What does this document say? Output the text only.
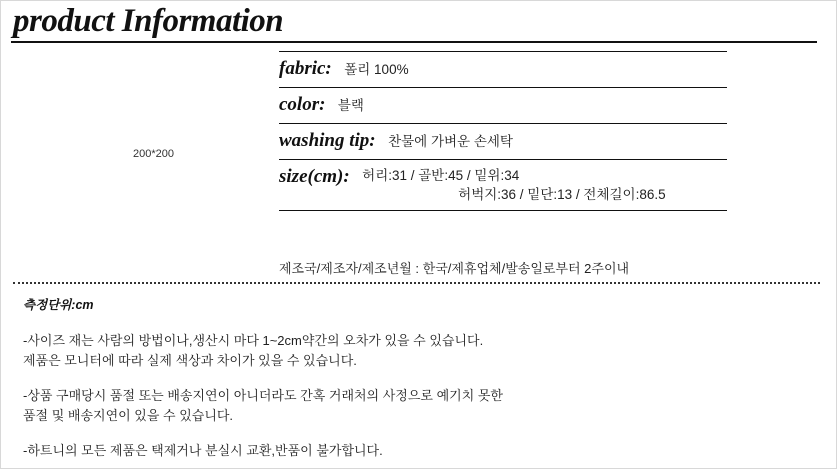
product Information
200*200
fabric: 폴리 100%
color: 블랙
washing tip: 찬물에 가벼운 손세탁
size(cm): 허리:31 / 골반:45 / 밑위:34
허벅지:36 / 밑단:13 / 전체길이:86.5
제조국/제조자/제조년월 : 한국/제휴업체/발송일로부터 2주이내
측정단위:cm
-사이즈 재는 사람의 방법이나,생산시 마다 1~2cm약간의 오차가 있을 수 있습니다.
제품은 모니터에 따라 실제 색상과 차이가 있을 수 있습니다.
-상품 구매당시 품절 또는 배송지연이 아니더라도 간혹 거래처의 사정으로 예기치 못한
품절 및 배송지연이 있을 수 있습니다.
-하트니의 모든 제품은 택제거나 분실시 교환,반품이 불가합니다.
